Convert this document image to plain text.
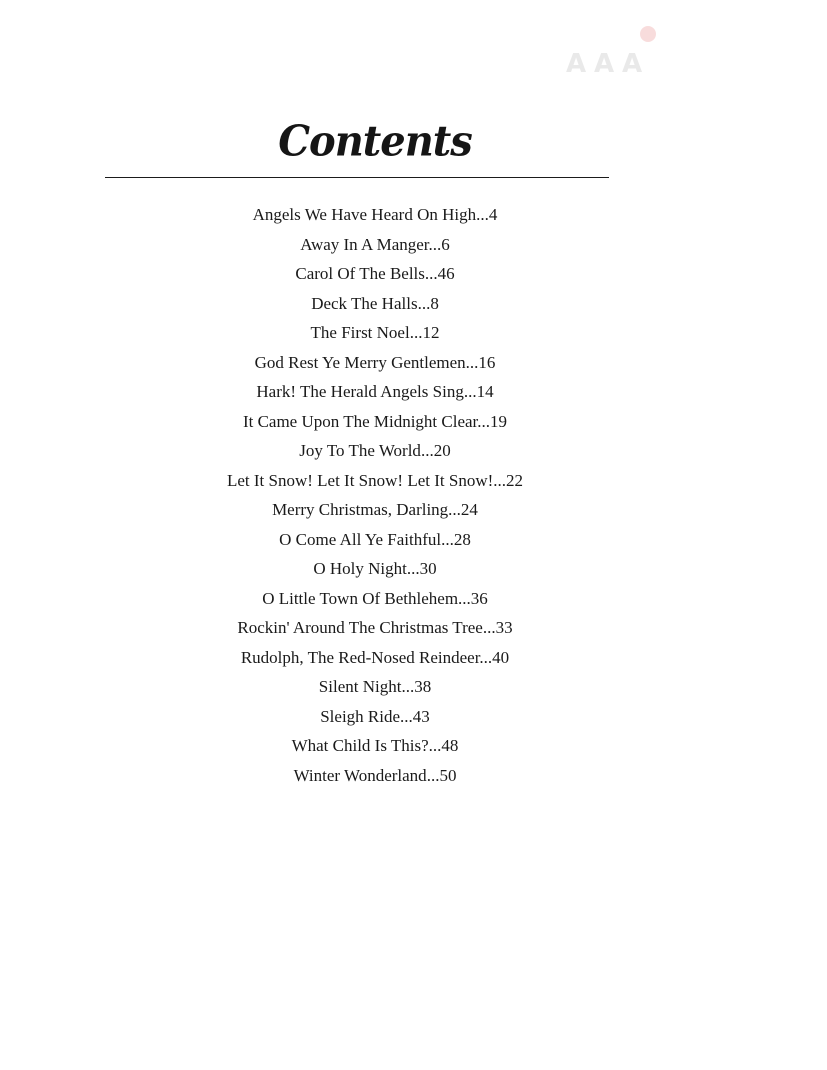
A A A
Contents
Angels We Have Heard On High...4
Away In A Manger...6
Carol Of The Bells...46
Deck The Halls...8
The First Noel...12
God Rest Ye Merry Gentlemen...16
Hark! The Herald Angels Sing...14
It Came Upon The Midnight Clear...19
Joy To The World...20
Let It Snow! Let It Snow! Let It Snow!...22
Merry Christmas, Darling...24
O Come All Ye Faithful...28
O Holy Night...30
O Little Town Of Bethlehem...36
Rockin' Around The Christmas Tree...33
Rudolph, The Red-Nosed Reindeer...40
Silent Night...38
Sleigh Ride...43
What Child Is This?...48
Winter Wonderland...50
